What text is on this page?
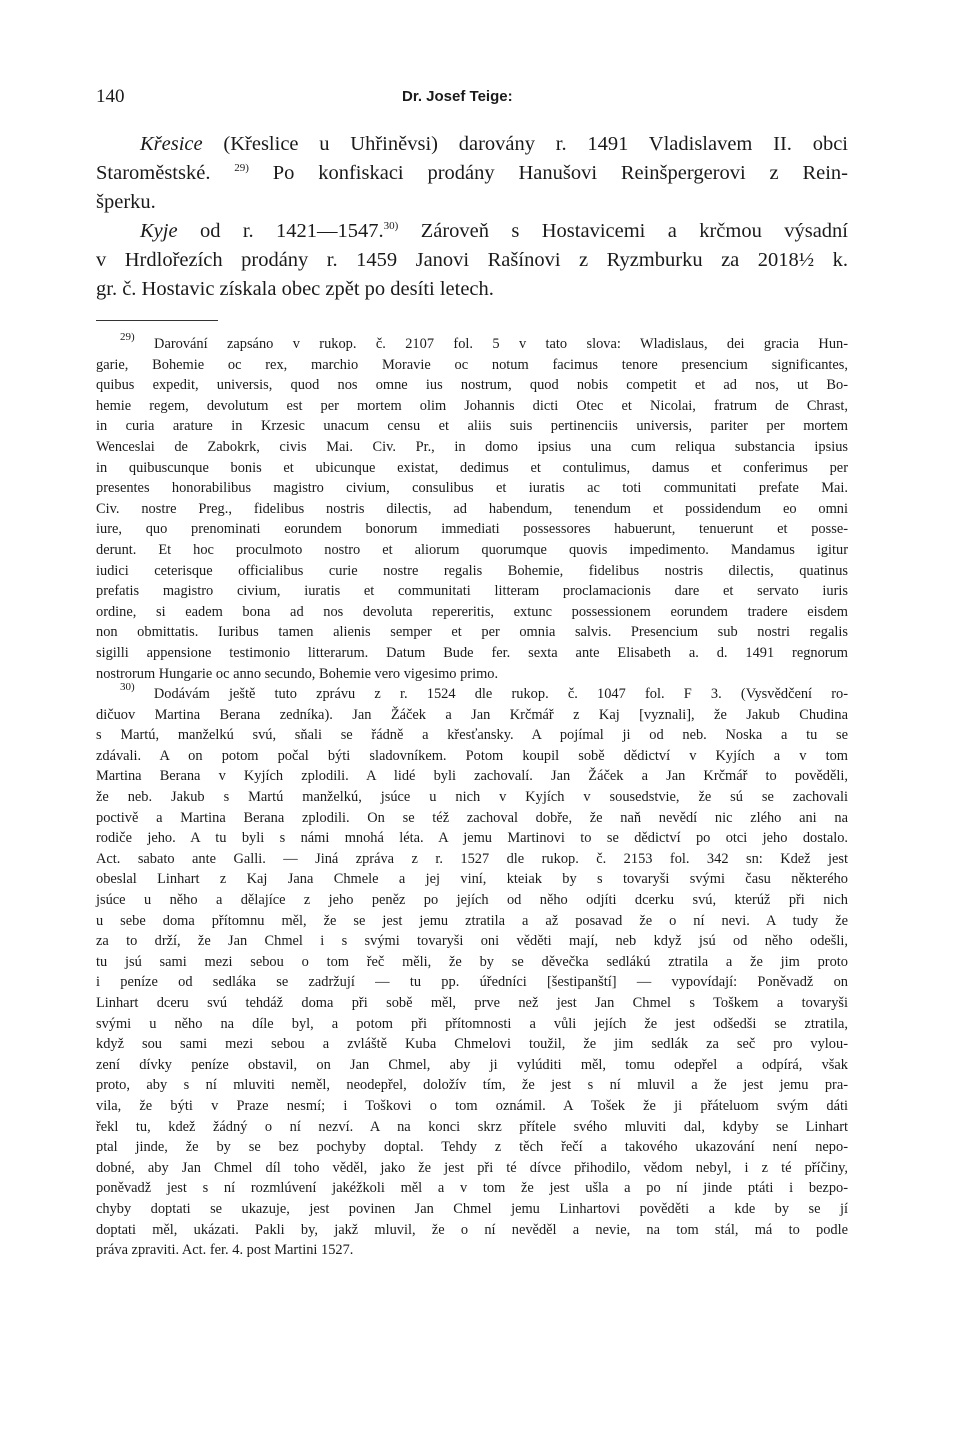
140	Dr. Josef Teige:

Křesice (Křeslice u Uhřiněvsi) darovány r. 1491 Vladislavem II. obci
Staroměstské. $^{29)}$ Po konfiskaci prodány Hanušovi Reinšpergerovi z Rein-
šperku.

Kyje od r. 1421—1547.$^{30)}$ Zároveň s Hostavicemi a krčmou výsadní
v Hrdlořezích prodány r. 1459 Janovi Rašínovi z Ryzmburku za 2018½ k.
gr. č. Hostavic získala obec zpět po desíti letech.

$^{29)}$ Darování zapsáno v rukop. č. 2107 fol. 5 v tato slova: Wladislaus, dei gracia Hun-
garie, Bohemie oc rex, marchio Moravie oc notum facimus tenore presencium significantes,
quibus expedit, universis, quod nos omne ius nostrum, quod nobis competit et ad nos, ut Bo-
hemie regem, devolutum est per mortem olim Johannis dicti Otec et Nicolai, fratrum de Chrast,
in curia arature in Krzesic unacum censu et aliis suis pertinenciis universis, pariter per mortem
Wenceslai de Zabokrk, civis Mai. Civ. Pr., in domo ipsius una cum reliqua substancia ipsius
in quibuscunque bonis et ubicunque existat, dedimus et contulimus, damus et conferimus per
presentes honorabilibus magistro civium, consulibus et iuratis ac toti communitati prefate Mai.
Civ. nostre Preg., fidelibus nostris dilectis, ad habendum, tenendum et possidendum eo omni
iure, quo prenominati eorundem bonorum immediati possessores habuerunt, tenuerunt et posse-
derunt. Et hoc proculmoto nostro et aliorum quorumque quovis impedimento. Mandamus igitur
iudici ceterisque officialibus curie nostre regalis Bohemie, fidelibus nostris dilectis, quatinus
prefatis magistro civium, iuratis et communitati litteram proclamacionis dare et servato iuris
ordine, si eadem bona ad nos devoluta repereritis, extunc possessionem eorundem tradere eisdem
non obmittatis. Iuribus tamen alienis semper et per omnia salvis. Presencium sub nostri regalis
sigilli appensione testimonio litterarum. Datum Bude fer. sexta ante Elisabeth a. d. 1491 regnorum
nostrorum Hungarie oc anno secundo, Bohemie vero vigesimo primo.

$^{30)}$ Dodávám ještě tuto zprávu z r. 1524 dle rukop. č. 1047 fol. F 3. (Vysvědčení ro-
dičuov Martina Berana zedníka). Jan Žáček a Jan Krčmář z Kaj [vyznali], že Jakub Chudina
s Martú, manželkú svú, sňali se řádně a křesťansky. A pojímal ji od neb. Noska a tu se
zdávali. A on potom počal býti sladovníkem. Potom koupil sobě dědictví v Kyjích a v tom
Martina Berana v Kyjích zplodili. A lidé byli zachovalí. Jan Žáček a Jan Krčmář to pověděli,
že neb. Jakub s Martú manželkú, jsúce u nich v Kyjích v sousedstvie, že sú se zachovali
poctivě a Martina Berana zplodili. On se též zachoval dobře, že naň nevědí nic zlého ani na
rodiče jeho. A tu byli s námi mnohá léta. A jemu Martinovi to se dědictví po otci jeho dostalo.
Act. sabato ante Galli. — Jiná zpráva z r. 1527 dle rukop. č. 2153 fol. 342 sn: Kdež jest
obeslal Linhart z Kaj Jana Chmele a jej viní, kteiak by s tovaryši svými času některého
jsúce u něho a dělajíce z jeho peněz po jejích od něho odjíti dcerku svú, kterúž při nich
u sebe doma přítomnu měl, že se jest jemu ztratila a až posavad že o ní nevi. A tudy že
za to drží, že Jan Chmel i s svými tovaryši oni věděti mají, neb když jsú od něho odešli,
tu jsú sami mezi sebou o tom řeč měli, že by se děvečka sedlákú ztratila a že jim proto
i peníze od sedláka se zadržují — tu pp. úředníci [šestipanští] — vypovídají: Poněvadž on
Linhart dceru svú tehdáž doma při sobě měl, prve než jest Jan Chmel s Toškem a tovaryši
svými u něho na díle byl, a potom při přítomnosti a vůli jejích že jest odšedši se ztratila,
když sou sami mezi sebou a zvláště Kuba Chmelovi toužil, že jim sedlák za seč pro vylou-
zení dívky peníze obstavil, on Jan Chmel, aby ji vylúditi měl, tomu odepřel a odpírá, však
proto, aby s ní mluviti neměl, neodepřel, doložív tím, že jest s ní mluvil a že jest jemu pra-
vila, že býti v Praze nesmí; i Toškovi o tom oznámil. A Tošek že ji přáteluom svým dáti
řekl tu, kdež žádný o ní nezví. A na konci skrz přítele svého mluviti dal, kdyby se Linhart
ptal jinde, že by se bez pochyby doptal. Tehdy z těch řečí a takového ukazování není nepo-
dobné, aby Jan Chmel díl toho věděl, jako že jest při té dívce přihodilo, vědom nebyl, i z té příčiny,
poněvadž jest s ní rozmlúvení jakéžkoli měl a v tom že jest ušla a po ní jinde ptáti i bezpo-
chyby doptati se ukazuje, jest povinen Jan Chmel jemu Linhartovi pověděti a kde by se jí
doptati měl, ukázati. Pakli by, jakž mluvil, že o ní nevěděl a nevie, na tom stál, má to podle
práva zpraviti. Act. fer. 4. post Martini 1527.
